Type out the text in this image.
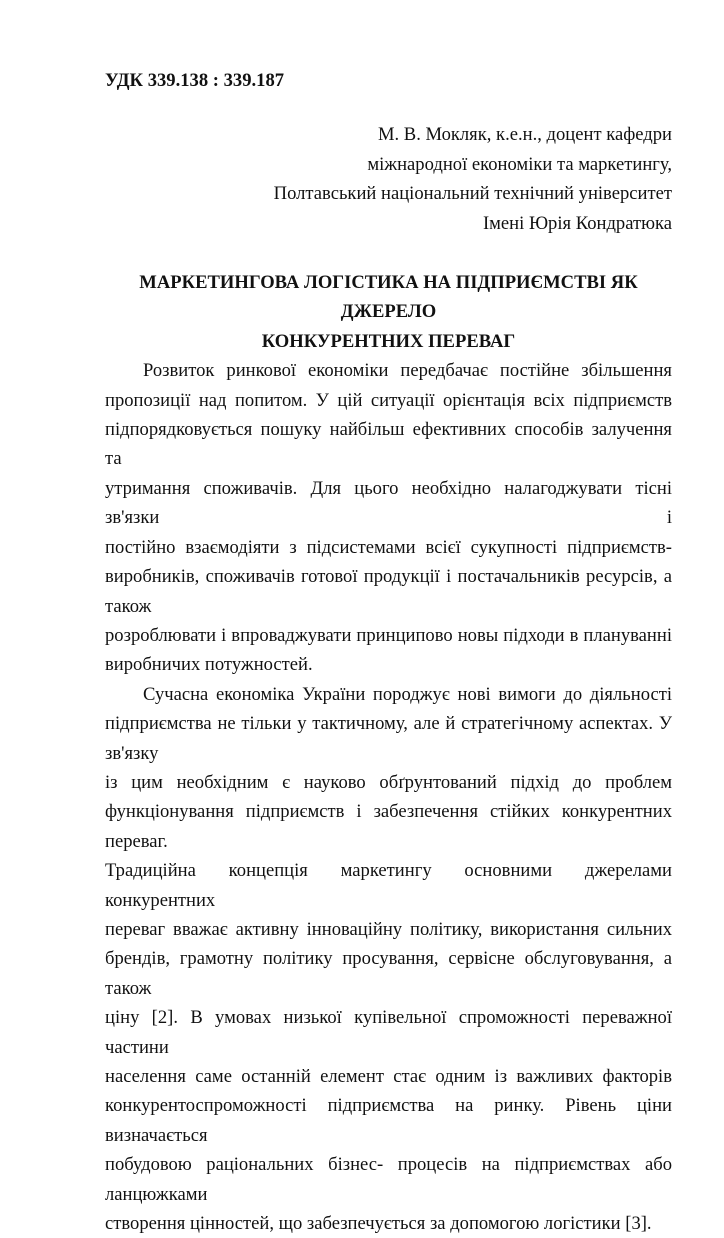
УДК 339.138 : 339.187
М. В. Мокляк, к.е.н., доцент кафедри
міжнародної економіки та маркетингу,
Полтавський національний технічний університет
Імені Юрія Кондратюка
МАРКЕТИНГОВА ЛОГІСТИКА НА ПІДПРИЄМСТВІ ЯК ДЖЕРЕЛО
КОНКУРЕНТНИХ ПЕРЕВАГ
Розвиток ринкової економіки передбачає постійне збільшення
пропозиції над попитом. У цій ситуації орієнтація всіх підприємств
підпорядковується пошуку найбільш ефективних способів залучення та
утримання споживачів. Для цього необхідно налагоджувати тісні зв'язки і
постійно взаємодіяти з підсистемами всієї сукупності підприємств-
виробників, споживачів готової продукції і постачальників ресурсів, а також
розроблювати і впроваджувати принципово новы підходи в плануванні
виробничих потужностей.
Сучасна економіка України породжує нові вимоги до діяльності
підприємства не тільки у тактичному, але й стратегічному аспектах. У зв'язку
із цим необхідним є науково обґрунтований підхід до проблем
функціонування підприємств і забезпечення стійких конкурентних переваг.
Традиційна концепція маркетингу основними джерелами конкурентних
переваг вважає активну інноваційну політику, використання сильних
брендів, грамотну політику просування, сервісне обслуговування, а також
ціну [2]. В умовах низької купівельної спроможності переважної частини
населення саме останній елемент стає одним із важливих факторів
конкурентоспроможності підприємства на ринку. Рівень ціни визначається
побудовою раціональних бізнес- процесів на підприємствах або ланцюжками
створення цінностей, що забезпечується за допомогою логістики [3].
